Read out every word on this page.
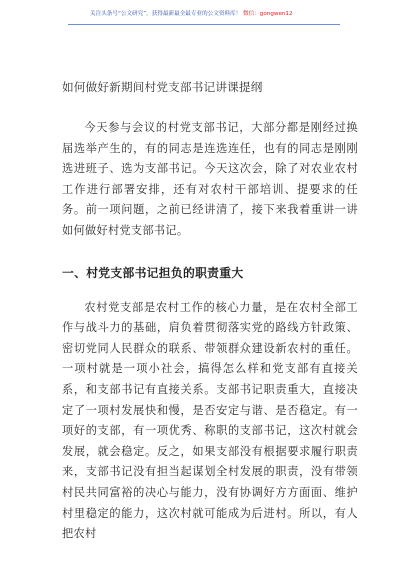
关注头条号“公文研究”，获得最新最全最专业的公文资料库！ 微信：gongwen12
如何做好新期间村党支部书记讲课提纲

今天参与会议的村党支部书记，大部分都是刚经过换届选举产生的，有的同志是连选连任，也有的同志是刚刚选进班子、选为支部书记。今天这次会，除了对农业农村工作进行部署安排，还有对农村干部培训、提要求的任务。前一项问题，之前已经讲清了，接下来我着重讲一讲如何做好村党支部书记。

一、村党支部书记担负的职责重大

农村党支部是农村工作的核心力量，是在农村全部工作与战斗力的基础，肩负着贯彻落实党的路线方针政策、密切党同人民群众的联系、带领群众建设新农村的重任。一项村就是一项小社会，搞得怎么样和党支部有直接关系，和支部书记有直接关系。支部书记职责重大，直接决定了一项村发展快和慢，是否安定与谐、是否稳定。有一项好的支部，有一项优秀、称职的支部书记，这次村就会发展，就会稳定。反之，如果支部没有根据要求履行职责来，支部书记没有担当起谋划全村发展的职责，没有带领村民共同富裕的决心与能力，没有协调好方方面面、维护村里稳定的能力，这次村就可能成为后进村。所以，有人把农村
